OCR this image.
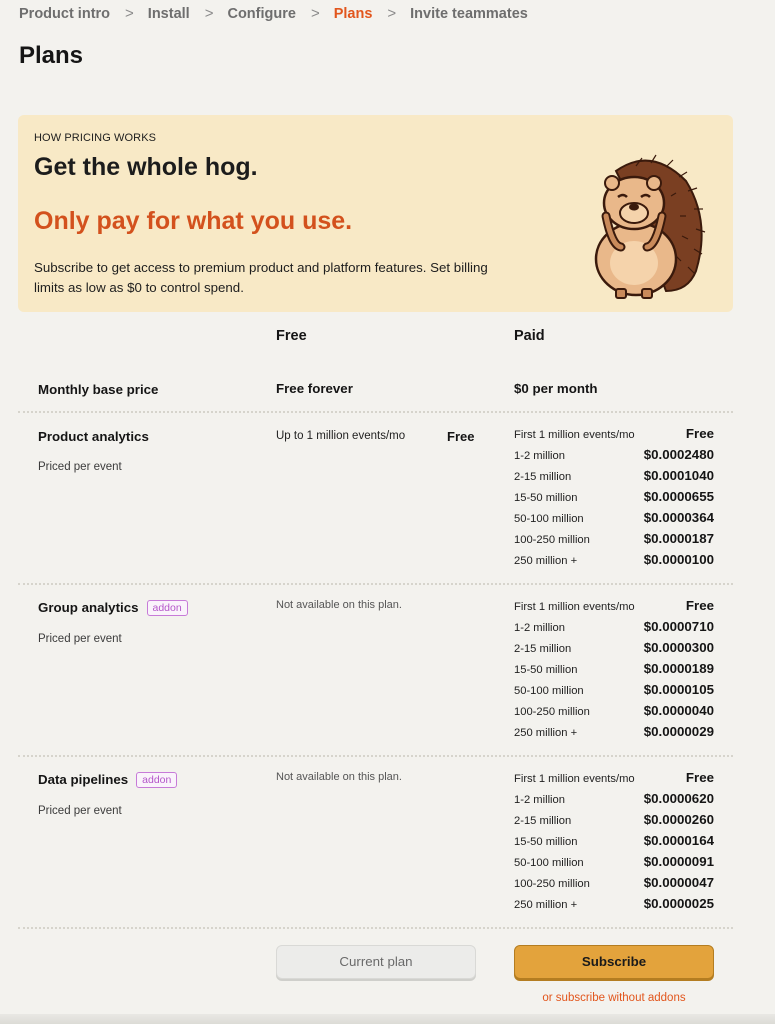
Product intro > Install > Configure > Plans > Invite teammates
Plans
HOW PRICING WORKS
Get the whole hog.
Only pay for what you use.
Subscribe to get access to premium product and platform features. Set billing limits as low as $0 to control spend.
Free	Paid
Monthly base price	Free forever	$0 per month
Product analytics
Priced per event
Up to 1 million events/mo	Free	First 1 million events/mo	Free
1-2 million	$0.0002480
2-15 million	$0.0001040
15-50 million	$0.0000655
50-100 million	$0.0000364
100-250 million	$0.0000187
250 million +	$0.0000100
Group analytics addon
Priced per event
Not available on this plan.	First 1 million events/mo	Free
1-2 million	$0.0000710
2-15 million	$0.0000300
15-50 million	$0.0000189
50-100 million	$0.0000105
100-250 million	$0.0000040
250 million +	$0.0000029
Data pipelines addon
Priced per event
Not available on this plan.	First 1 million events/mo	Free
1-2 million	$0.0000620
2-15 million	$0.0000260
15-50 million	$0.0000164
50-100 million	$0.0000091
100-250 million	$0.0000047
250 million +	$0.0000025
Current plan	Subscribe
or subscribe without addons
